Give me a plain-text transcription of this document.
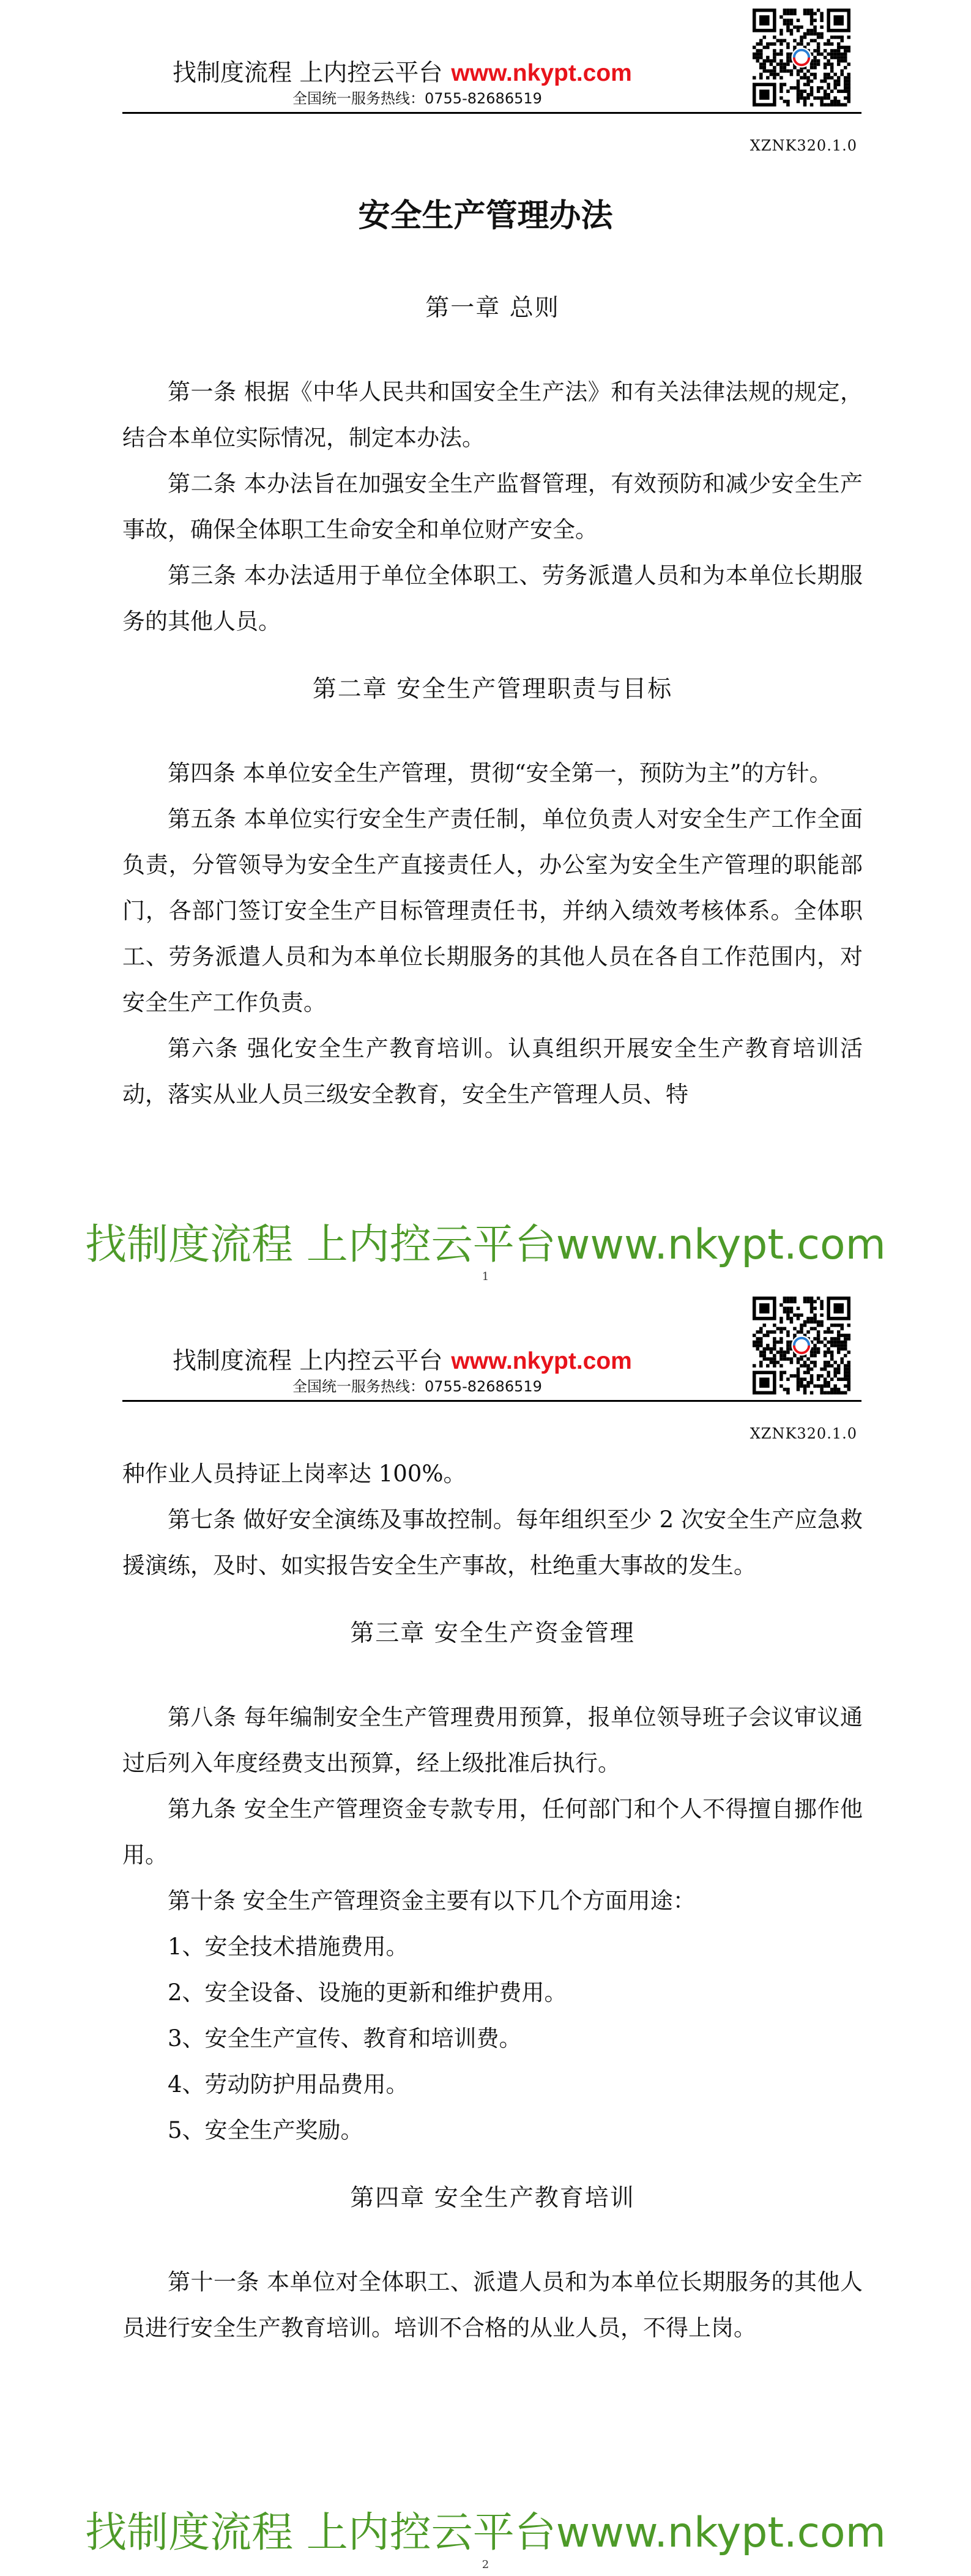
找制度流程 上内控云平台 www.nkypt.com
全国统一服务热线：0755-82686519
XZNK320.1.0
安全生产管理办法
第一章 总则

第一条 根据《中华人民共和国安全生产法》和有关法律法规的规定，结合本单位实际情况，制定本办法。

第二条 本办法旨在加强安全生产监督管理，有效预防和减少安全生产事故，确保全体职工生命安全和单位财产安全。

第三条 本办法适用于单位全体职工、劳务派遣人员和为本单位长期服务的其他人员。

第二章 安全生产管理职责与目标

第四条 本单位安全生产管理，贯彻“安全第一，预防为主”的方针。

第五条 本单位实行安全生产责任制，单位负责人对安全生产工作全面负责，分管领导为安全生产直接责任人，办公室为安全生产管理的职能部门，各部门签订安全生产目标管理责任书，并纳入绩效考核体系。全体职工、劳务派遣人员和为本单位长期服务的其他人员在各自工作范围内，对安全生产工作负责。

第六条 强化安全生产教育培训。认真组织开展安全生产教育培训活动，落实从业人员三级安全教育，安全生产管理人员、特

找制度流程 上内控云平台www.nkypt.com
1
找制度流程 上内控云平台 www.nkypt.com
全国统一服务热线：0755-82686519
XZNK320.1.0

种作业人员持证上岗率达 100%。

第七条 做好安全演练及事故控制。每年组织至少 2 次安全生产应急救援演练，及时、如实报告安全生产事故，杜绝重大事故的发生。

第三章 安全生产资金管理

第八条 每年编制安全生产管理费用预算，报单位领导班子会议审议通过后列入年度经费支出预算，经上级批准后执行。

第九条 安全生产管理资金专款专用，任何部门和个人不得擅自挪作他用。

第十条 安全生产管理资金主要有以下几个方面用途：

1、安全技术措施费用。

2、安全设备、设施的更新和维护费用。

3、安全生产宣传、教育和培训费。

4、劳动防护用品费用。

5、安全生产奖励。

第四章 安全生产教育培训

第十一条 本单位对全体职工、派遣人员和为本单位长期服务的其他人员进行安全生产教育培训。培训不合格的从业人员，不得上岗。

找制度流程 上内控云平台www.nkypt.com
2
